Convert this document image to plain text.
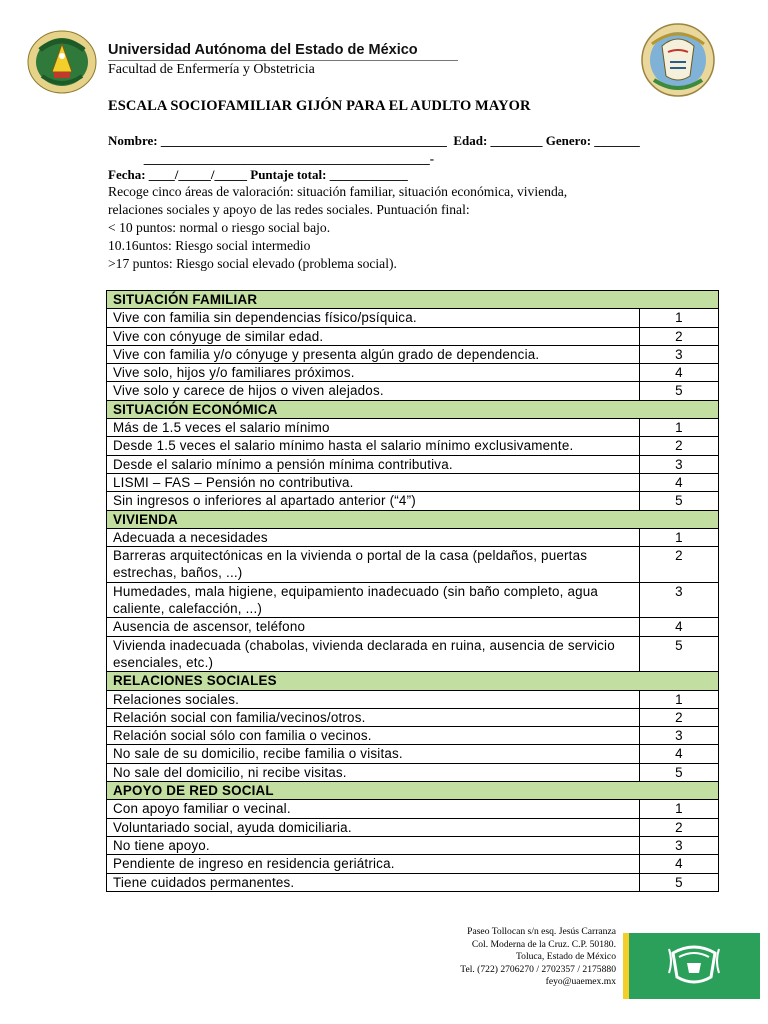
Universidad Autónoma del Estado de México
Facultad de Enfermería y Obstetricia
ESCALA SOCIOFAMILIAR GIJÓN PARA EL AUDLTO MAYOR
Nombre: ____________________________________________  Edad: ________ Genero: _______
____________________________________________-
Fecha: ____/_____/_____ Puntaje total: ____________
Recoge cinco áreas de valoración: situación familiar, situación económica, vivienda,
relaciones sociales y apoyo de las redes sociales. Puntuación final:
< 10 puntos: normal o riesgo social bajo.
10.16untos: Riesgo social intermedio
>17 puntos: Riesgo social elevado (problema social).
SITUACIÓN FAMILIAR	
Vive con familia sin dependencias físico/psíquica.	1
Vive con cónyuge de similar edad.	2
Vive con familia y/o cónyuge y presenta algún grado de dependencia.	3
Vive solo, hijos y/o familiares próximos.	4
Vive solo y carece de hijos o viven alejados.	5
SITUACIÓN ECONÓMICA	
Más de 1.5 veces el salario mínimo	1
Desde 1.5 veces el salario mínimo hasta el salario mínimo exclusivamente.	2
Desde el salario mínimo a pensión mínima contributiva.	3
LISMI – FAS – Pensión no contributiva.	4
Sin ingresos o inferiores al apartado anterior (“4”)	5
VIVIENDA	
Adecuada a necesidades	1
Barreras arquitectónicas en la vivienda o portal de la casa (peldaños, puertas estrechas, baños, ...)	2
Humedades, mala higiene, equipamiento inadecuado (sin baño completo, agua caliente, calefacción, ...)	3
Ausencia de ascensor, teléfono	4
Vivienda inadecuada (chabolas, vivienda declarada en ruina, ausencia de servicio esenciales, etc.)	5
RELACIONES SOCIALES	
Relaciones sociales.	1
Relación social con familia/vecinos/otros.	2
Relación social sólo con familia o vecinos.	3
No sale de su domicilio, recibe familia o visitas.	4
No sale del domicilio, ni recibe visitas.	5
APOYO DE RED SOCIAL	
Con apoyo familiar o vecinal.	1
Voluntariado social, ayuda domiciliaria.	2
No tiene apoyo.	3
Pendiente de ingreso en residencia geriátrica.	4
Tiene cuidados permanentes.	5
Paseo Tollocan s/n esq. Jesús Carranza
Col. Moderna de la Cruz. C.P. 50180.
Toluca, Estado de México
Tel. (722) 2706270 / 2702357 / 2175880
feyo@uaemex.mx
